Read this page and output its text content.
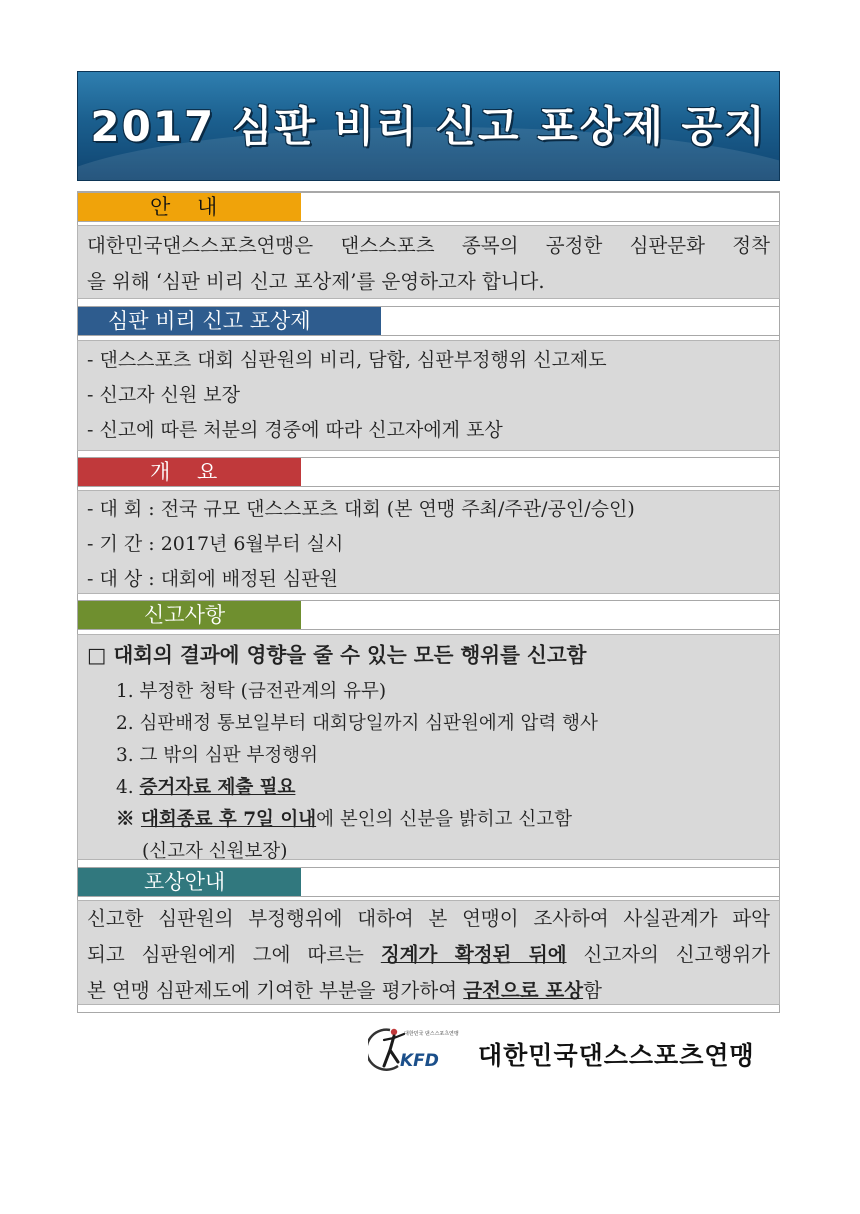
2017 심판 비리 신고 포상제 공지
안    내
대한민국댄스스포츠연맹은 댄스스포츠 종목의 공정한 심판문화 정착
을 위해 ‘심판 비리 신고 포상제’를 운영하고자 합니다.
심판 비리 신고 포상제
- 댄스스포츠 대회 심판원의 비리, 담합, 심판부정행위 신고제도
- 신고자 신원 보장
- 신고에 따른 처분의 경중에 따라 신고자에게 포상
개    요
- 대 회 : 전국 규모 댄스스포츠 대회 (본 연맹 주최/주관/공인/승인)
- 기 간 : 2017년 6월부터 실시
- 대 상 : 대회에 배정된 심판원
신고사항
□ 대회의 결과에 영향을 줄 수 있는 모든 행위를 신고함
1. 부정한 청탁 (금전관계의 유무)
2. 심판배정 통보일부터 대회당일까지 심판원에게 압력 행사
3. 그 밖의 심판 부정행위
4. 증거자료 제출 필요
※ 대회종료 후 7일 이내에 본인의 신분을 밝히고 신고함
(신고자 신원보장)
포상안내
신고한 심판원의 부정행위에 대하여 본 연맹이 조사하여 사실관계가 파악
되고 심판원에게 그에 따르는 징계가 확정된 뒤에 신고자의 신고행위가
본 연맹 심판제도에 기여한 부분을 평가하여 금전으로 포상함
KFD
대한민국 댄스스포츠연맹
대한민국댄스스포츠연맹
